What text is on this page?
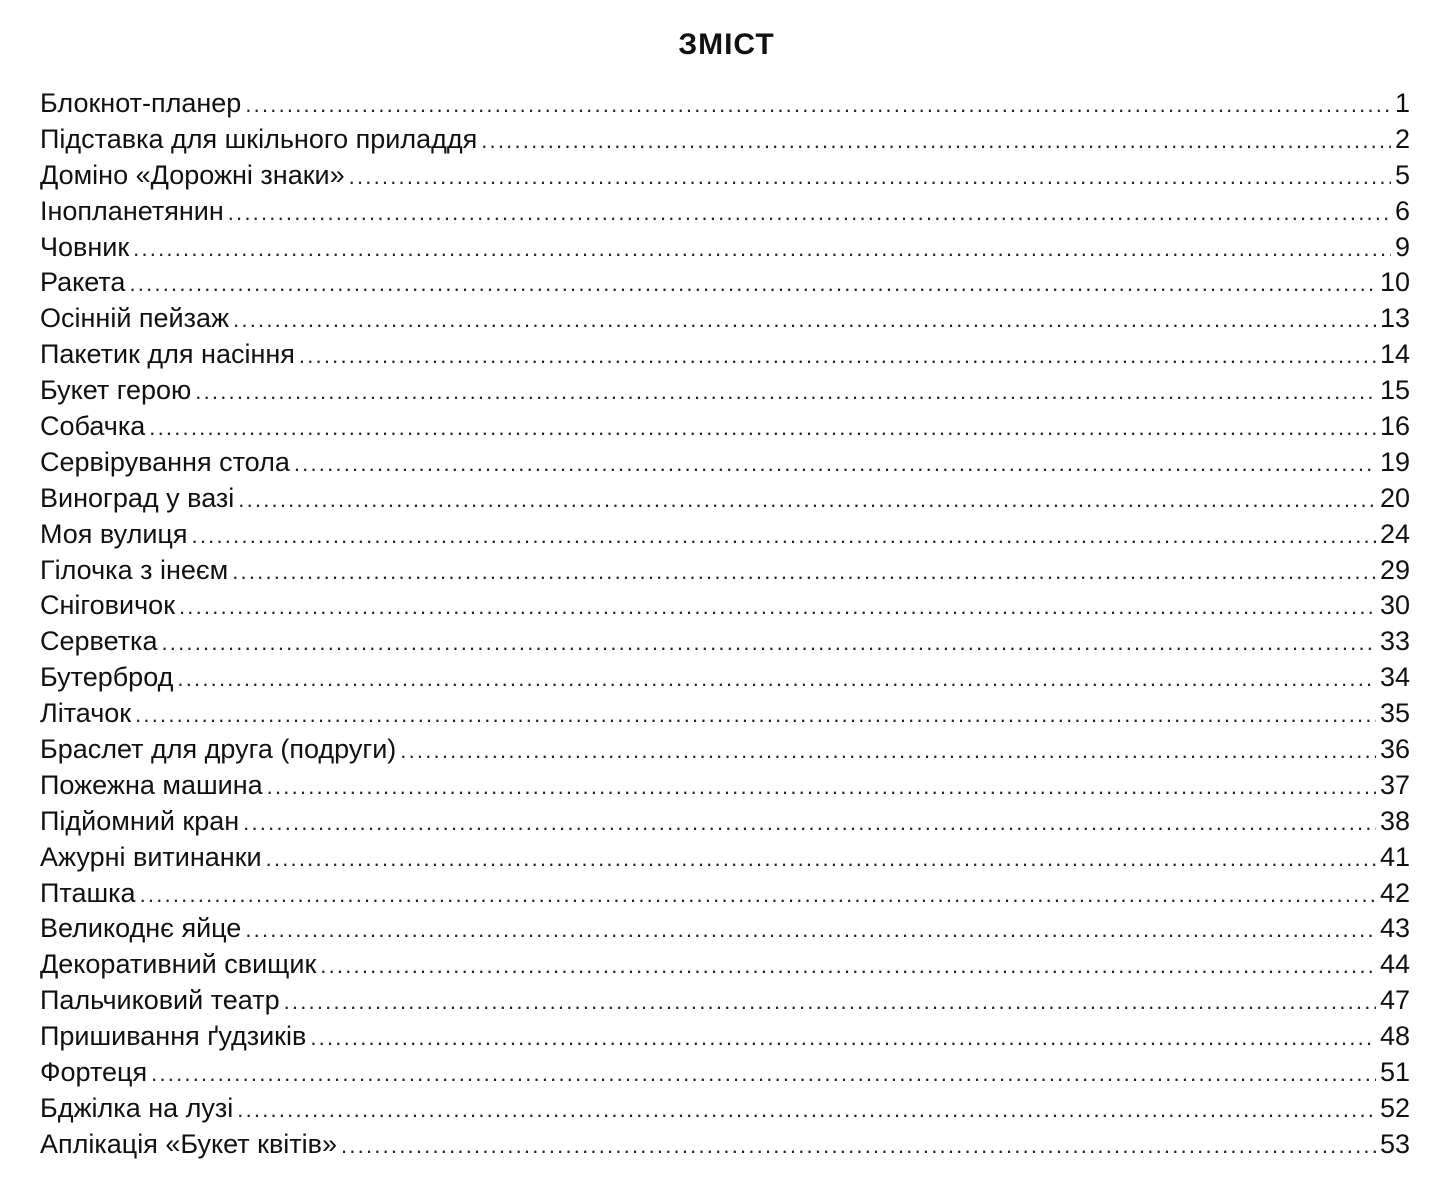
ЗМІСТ
Блокнот-планер .....	1
Підставка для шкільного приладдя .....	2
Доміно «Дорожні знаки» .....	5
Інопланетянин .....	6
Човник .....	9
Ракета .....	10
Осінній пейзаж .....	13
Пакетик для насіння .....	14
Букет герою .....	15
Собачка .....	16
Сервірування стола .....	19
Виноград у вазі .....	20
Моя вулиця .....	24
Гілочка з інеєм .....	29
Сніговичок .....	30
Серветка .....	33
Бутерброд .....	34
Літачок .....	35
Браслет для друга (подруги) .....	36
Пожежна машина .....	37
Підйомний кран .....	38
Ажурні витинанки .....	41
Пташка .....	42
Великоднє яйце .....	43
Декоративний свищик .....	44
Пальчиковий театр .....	47
Пришивання ґудзиків .....	48
Фортеця .....	51
Бджілка на лузі .....	52
Аплікація «Букет квітів» .....	53
